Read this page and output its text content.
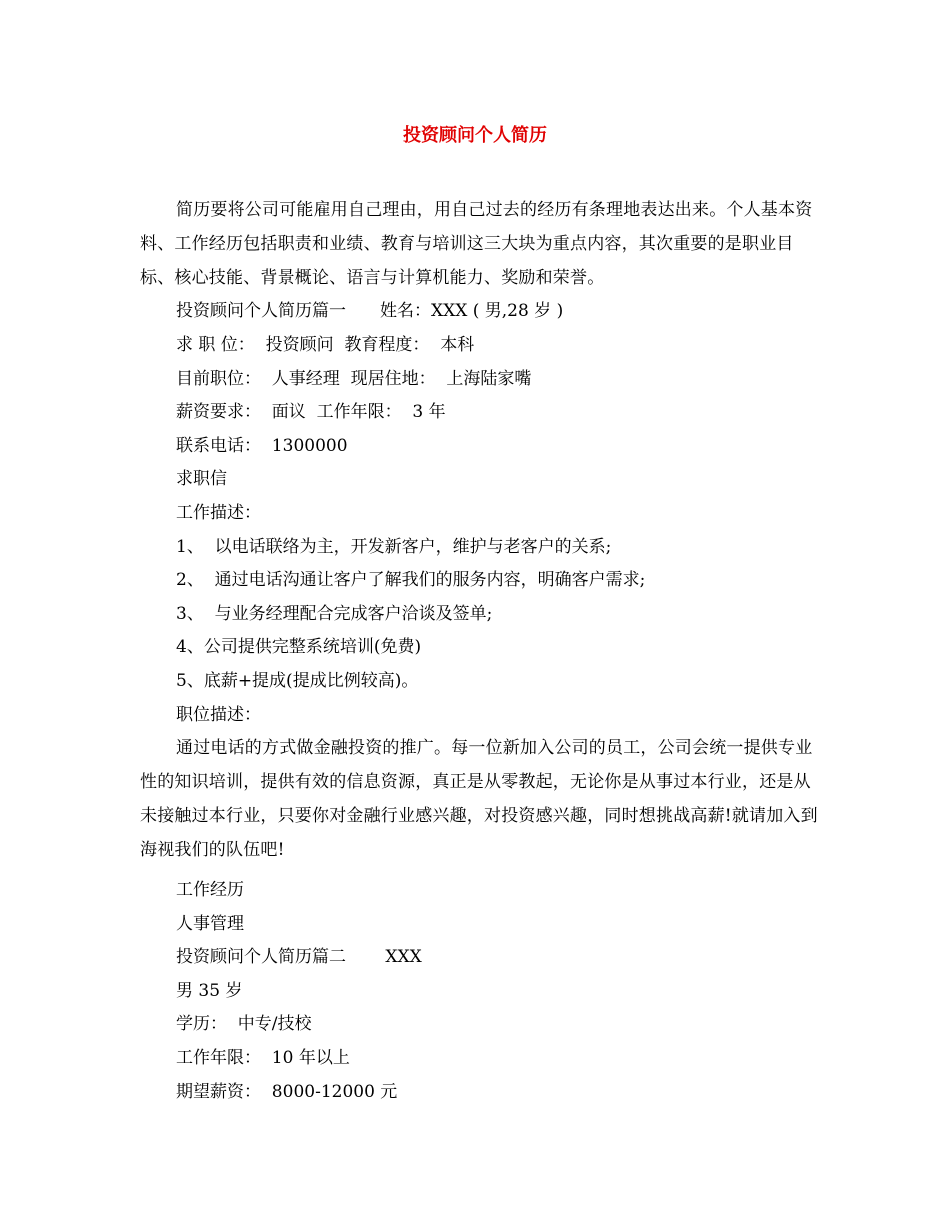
投资顾问个人简历
简历要将公司可能雇用自己理由，用自己过去的经历有条理地表达出来。个人基本资料、工作经历包括职责和业绩、教育与培训这三大块为重点内容，其次重要的是职业目标、核心技能、背景概论、语言与计算机能力、奖励和荣誉。
投资顾问个人简历篇一　　姓名：XXX ( 男,28 岁 )
求 职 位：  投资顾问  教育程度：  本科
目前职位：  人事经理  现居住地：  上海陆家嘴
薪资要求：  面议  工作年限：  3 年
联系电话：  1300000
求职信
工作描述：
1、  以电话联络为主，开发新客户，维护与老客户的关系;
2、  通过电话沟通让客户了解我们的服务内容，明确客户需求;
3、  与业务经理配合完成客户洽谈及签单;
4、公司提供完整系统培训(免费)
5、底薪+提成(提成比例较高)。
职位描述：
通过电话的方式做金融投资的推广。每一位新加入公司的员工，公司会统一提供专业性的知识培训，提供有效的信息资源，真正是从零教起，无论你是从事过本行业，还是从未接触过本行业，只要你对金融行业感兴趣，对投资感兴趣，同时想挑战高薪!就请加入到海视我们的队伍吧!
工作经历
人事管理
投资顾问个人简历篇二　　 XXX
男 35 岁
学历：  中专/技校
工作年限：  10 年以上
期望薪资：  8000-12000 元
